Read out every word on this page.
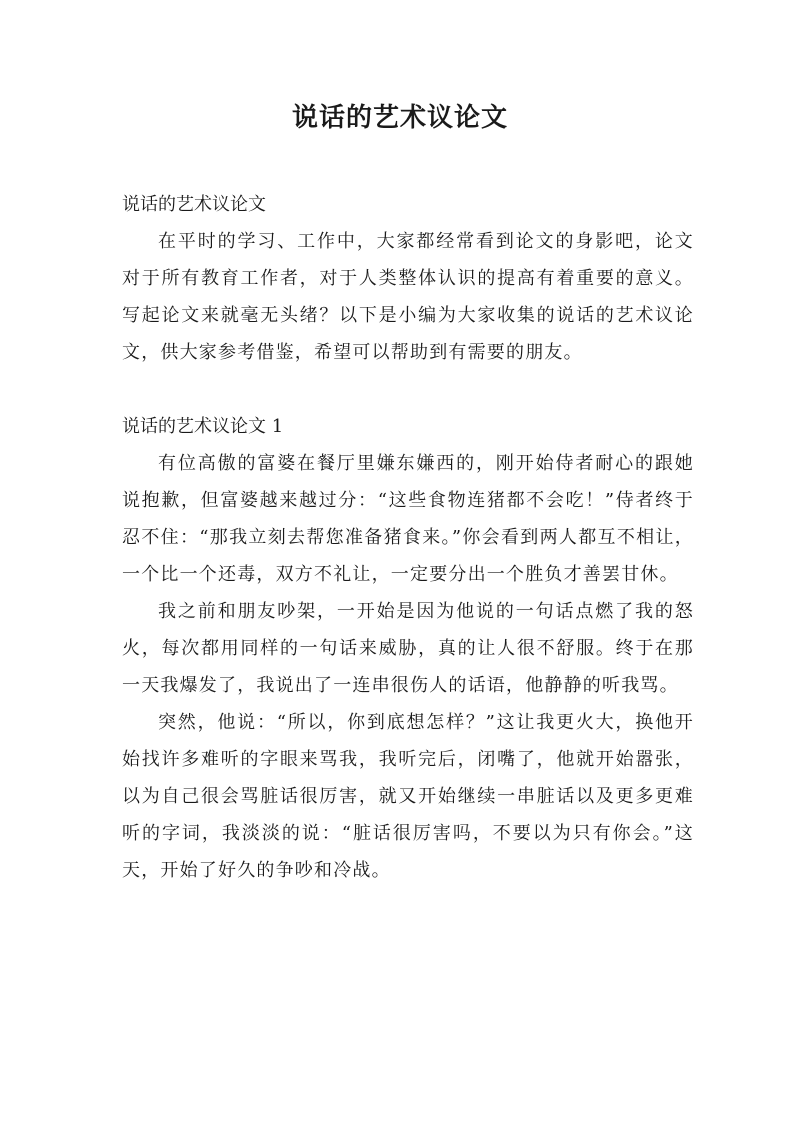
说话的艺术议论文

说话的艺术议论文

在平时的学习、工作中，大家都经常看到论文的身影吧，论文对于所有教育工作者，对于人类整体认识的提高有着重要的意义。写起论文来就毫无头绪？以下是小编为大家收集的说话的艺术议论文，供大家参考借鉴，希望可以帮助到有需要的朋友。

说话的艺术议论文 1

有位高傲的富婆在餐厅里嫌东嫌西的，刚开始侍者耐心的跟她说抱歉，但富婆越来越过分：“这些食物连猪都不会吃！”侍者终于忍不住：“那我立刻去帮您准备猪食来。”你会看到两人都互不相让，一个比一个还毒，双方不礼让，一定要分出一个胜负才善罢甘休。

我之前和朋友吵架，一开始是因为他说的一句话点燃了我的怒火，每次都用同样的一句话来威胁，真的让人很不舒服。终于在那一天我爆发了，我说出了一连串很伤人的话语，他静静的听我骂。

突然，他说：“所以，你到底想怎样？”这让我更火大，换他开始找许多难听的字眼来骂我，我听完后，闭嘴了，他就开始嚣张，以为自己很会骂脏话很厉害，就又开始继续一串脏话以及更多更难听的字词，我淡淡的说：“脏话很厉害吗，不要以为只有你会。”这天，开始了好久的争吵和冷战。
